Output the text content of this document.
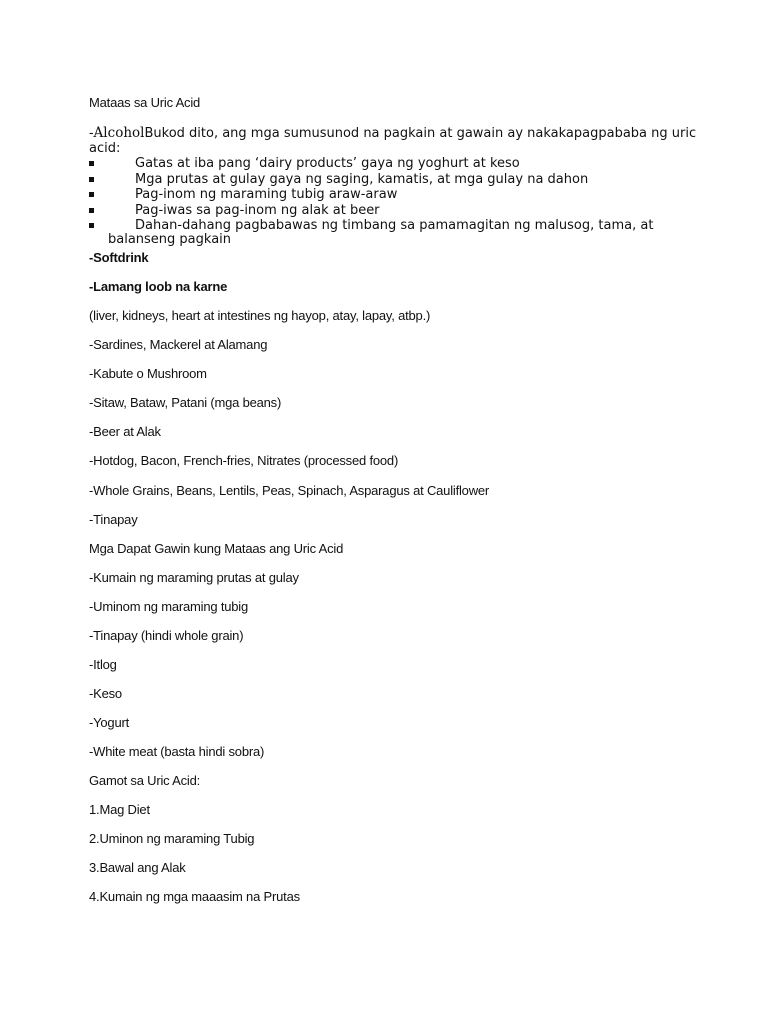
Mataas sa Uric Acid
-AlcoholBukod dito, ang mga sumusunod na pagkain at gawain ay nakakapagpababa ng uric
acid:
Gatas at iba pang ‘dairy products’ gaya ng yoghurt at keso
Mga prutas at gulay gaya ng saging, kamatis, at mga gulay na dahon
Pag-inom ng maraming tubig araw-araw
Pag-iwas sa pag-inom ng alak at beer
Dahan-dahang pagbabawas ng timbang sa pamamagitan ng malusog, tama, at
balanseng pagkain
-Softdrink
-Lamang loob na karne
(liver, kidneys, heart at intestines ng hayop, atay, lapay, atbp.)
-Sardines, Mackerel at Alamang
-Kabute o Mushroom
-Sitaw, Bataw, Patani (mga beans)
-Beer at Alak
-Hotdog, Bacon, French-fries, Nitrates (processed food)
-Whole Grains, Beans, Lentils, Peas, Spinach, Asparagus at Cauliflower
-Tinapay
Mga Dapat Gawin kung Mataas ang Uric Acid
-Kumain ng maraming prutas at gulay
-Uminom ng maraming tubig
-Tinapay (hindi whole grain)
-Itlog
-Keso
-Yogurt
-White meat (basta hindi sobra)
Gamot sa Uric Acid:
1.Mag Diet
2.Uminon ng maraming Tubig
3.Bawal ang Alak
4.Kumain ng mga maaasim na Prutas
